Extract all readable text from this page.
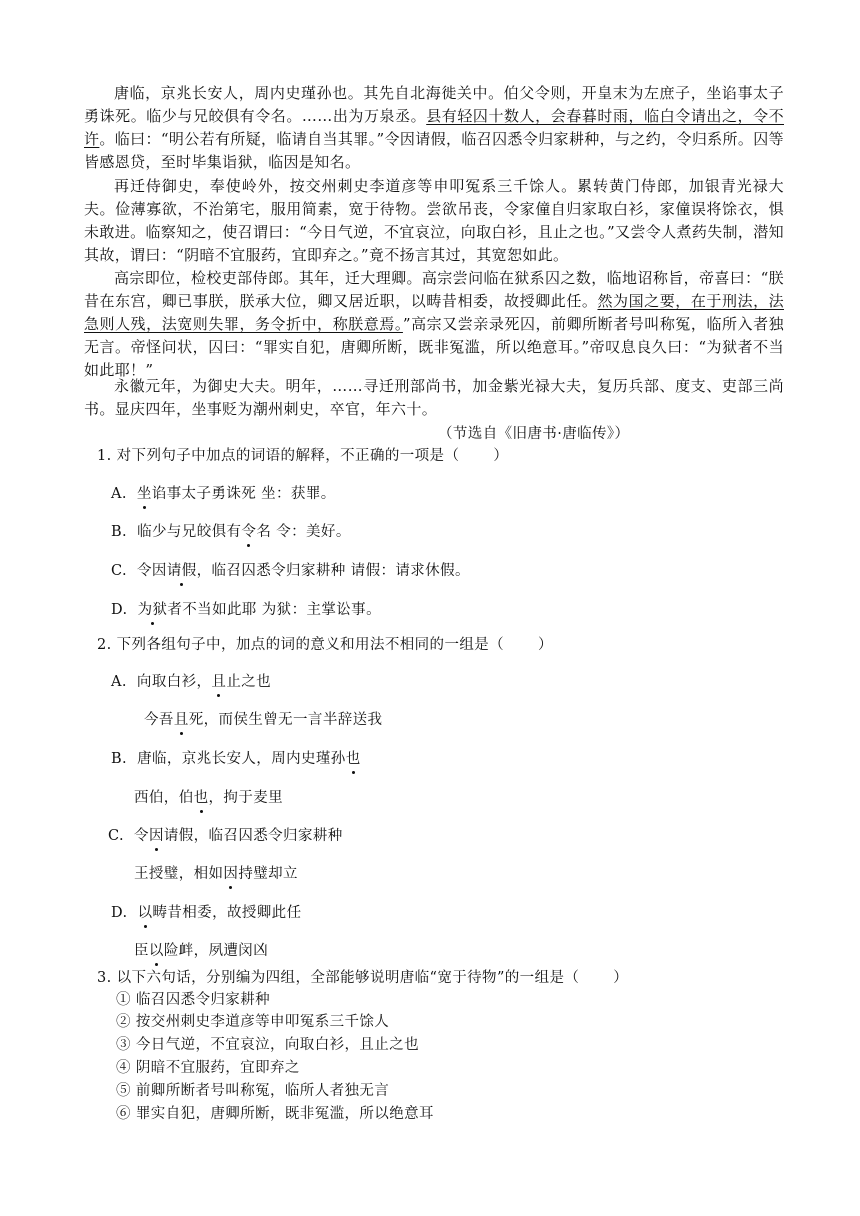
唐临，京兆长安人，周内史瑾孙也。其先自北海徙关中。伯父令则，开皇末为左庶子，坐谄事太子勇诛死。临少与兄皎俱有令名。……出为万泉丞。县有轻囚十数人，会春暮时雨，临白令请出之，令不许。临曰：“明公若有所疑，临请自当其罪。”令因请假，临召囚悉令归家耕种，与之约，令归系所。囚等皆感恩贷，至时毕集诣狱，临因是知名。

再迁侍御史，奉使岭外，按交州刺史李道彦等申叩冤系三千馀人。累转黄门侍郎，加银青光禄大夫。俭薄寡欲，不治第宅，服用简素，宽于待物。尝欲吊丧，令家僮自归家取白衫，家僮误将馀衣，惧未敢进。临察知之，使召谓曰：“今日气逆，不宜哀泣，向取白衫，且止之也。”又尝令人煮药失制，潜知其故，谓曰：“阴暗不宜服药，宜即弃之。”竟不扬言其过，其宽恕如此。

高宗即位，检校吏部侍郎。其年，迁大理卿。高宗尝问临在狱系囚之数，临地诏称旨，帝喜曰：“朕昔在东宫，卿已事朕，朕承大位，卿又居近职，以畴昔相委，故授卿此任。然为国之要，在于刑法，法急则人残，法宽则失罪，务令折中，称朕意焉。”高宗又尝亲录死囚，前卿所断者号叫称冤，临所入者独无言。帝怪问状，囚曰：“罪实自犯，唐卿所断，既非冤滥，所以绝意耳。”帝叹息良久曰：“为狱者不当如此耶！”

永徽元年，为御史大夫。明年，……寻迁刑部尚书，加金紫光禄大夫，复历兵部、度支、吏部三尚书。显庆四年，坐事贬为潮州刺史，卒官，年六十。

（节选自《旧唐书·唐临传》）
1. 对下列句子中加点的词语的解释，不正确的一项是（ ）
A. 坐谄事太子勇诛死 坐：获罪。
B. 临少与兄皎俱有令名 令：美好。
C. 令因请假，临召囚悉令归家耕种 请假：请求休假。
D. 为狱者不当如此耶 为狱：主掌讼事。
2. 下列各组句子中，加点的词的意义和用法不相同的一组是（ ）
A. 向取白衫，且止之也
今吾且死，而侯生曾无一言半辞送我
B. 唐临，京兆长安人，周内史瑾孙也
西伯，伯也，拘于麦里
C. 令因请假，临召囚悉令归家耕种
王授璧，相如因持璧却立
D. 以畴昔相委，故授卿此任
臣以险衅，夙遭闵凶
3. 以下六句话，分别编为四组，全部能够说明唐临“宽于待物”的一组是（ ）
① 临召囚悉令归家耕种
② 按交州刺史李道彦等申叩冤系三千馀人
③ 今日气逆，不宜哀泣，向取白衫，且止之也
④ 阴暗不宜服药，宜即弃之
⑤ 前卿所断者号叫称冤，临所人者独无言
⑥ 罪实自犯，唐卿所断，既非冤滥，所以绝意耳
